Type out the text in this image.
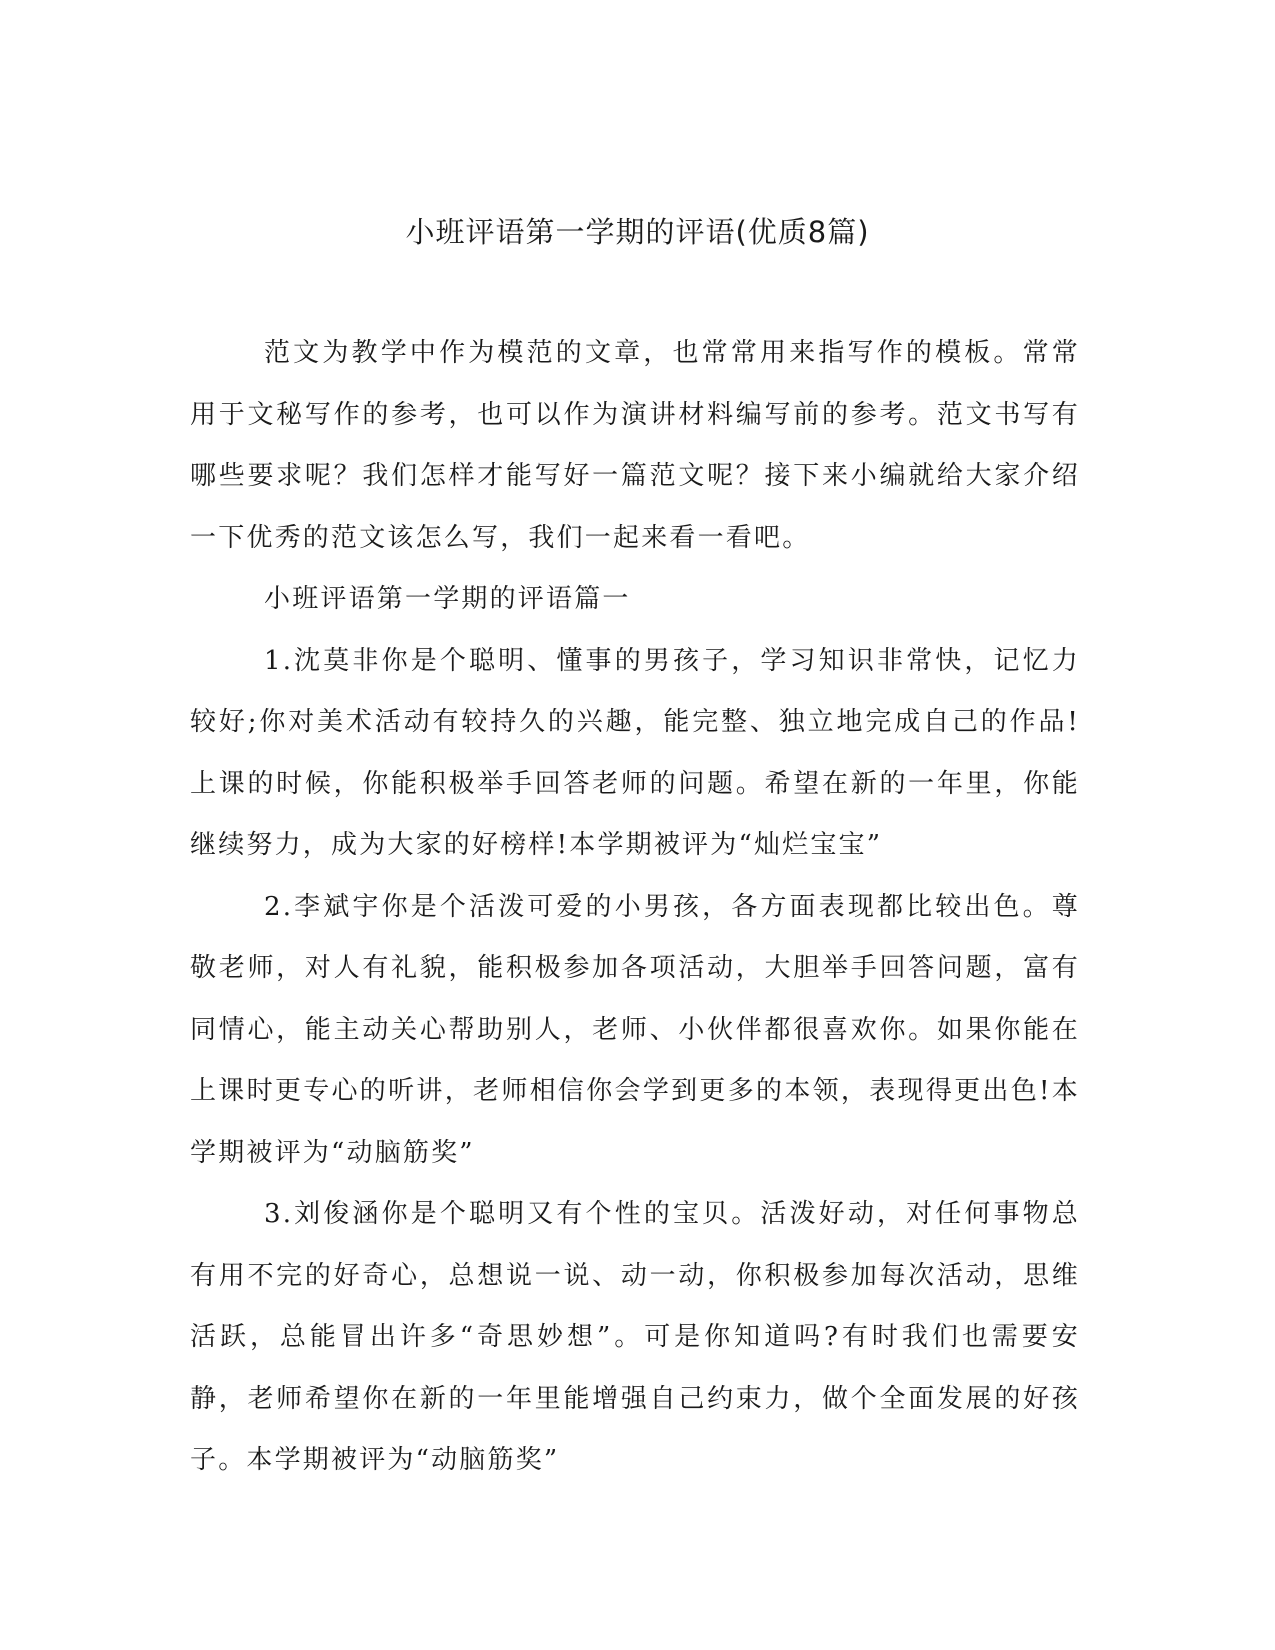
小班评语第一学期的评语(优质8篇)

范文为教学中作为模范的文章，也常常用来指写作的模板。常常用于文秘写作的参考，也可以作为演讲材料编写前的参考。范文书写有哪些要求呢？我们怎样才能写好一篇范文呢？接下来小编就给大家介绍一下优秀的范文该怎么写，我们一起来看一看吧。

小班评语第一学期的评语篇一

1.沈莫非你是个聪明、懂事的男孩子，学习知识非常快，记忆力较好;你对美术活动有较持久的兴趣，能完整、独立地完成自己的作品!上课的时候，你能积极举手回答老师的问题。希望在新的一年里，你能继续努力，成为大家的好榜样!本学期被评为“灿烂宝宝”

2.李斌宇你是个活泼可爱的小男孩，各方面表现都比较出色。尊敬老师，对人有礼貌，能积极参加各项活动，大胆举手回答问题，富有同情心，能主动关心帮助别人，老师、小伙伴都很喜欢你。如果你能在上课时更专心的听讲，老师相信你会学到更多的本领，表现得更出色!本学期被评为“动脑筋奖”

3.刘俊涵你是个聪明又有个性的宝贝。活泼好动，对任何事物总有用不完的好奇心，总想说一说、动一动，你积极参加每次活动，思维活跃，总能冒出许多“奇思妙想”。可是你知道吗?有时我们也需要安静，老师希望你在新的一年里能增强自己约束力，做个全面发展的好孩子。本学期被评为“动脑筋奖”
